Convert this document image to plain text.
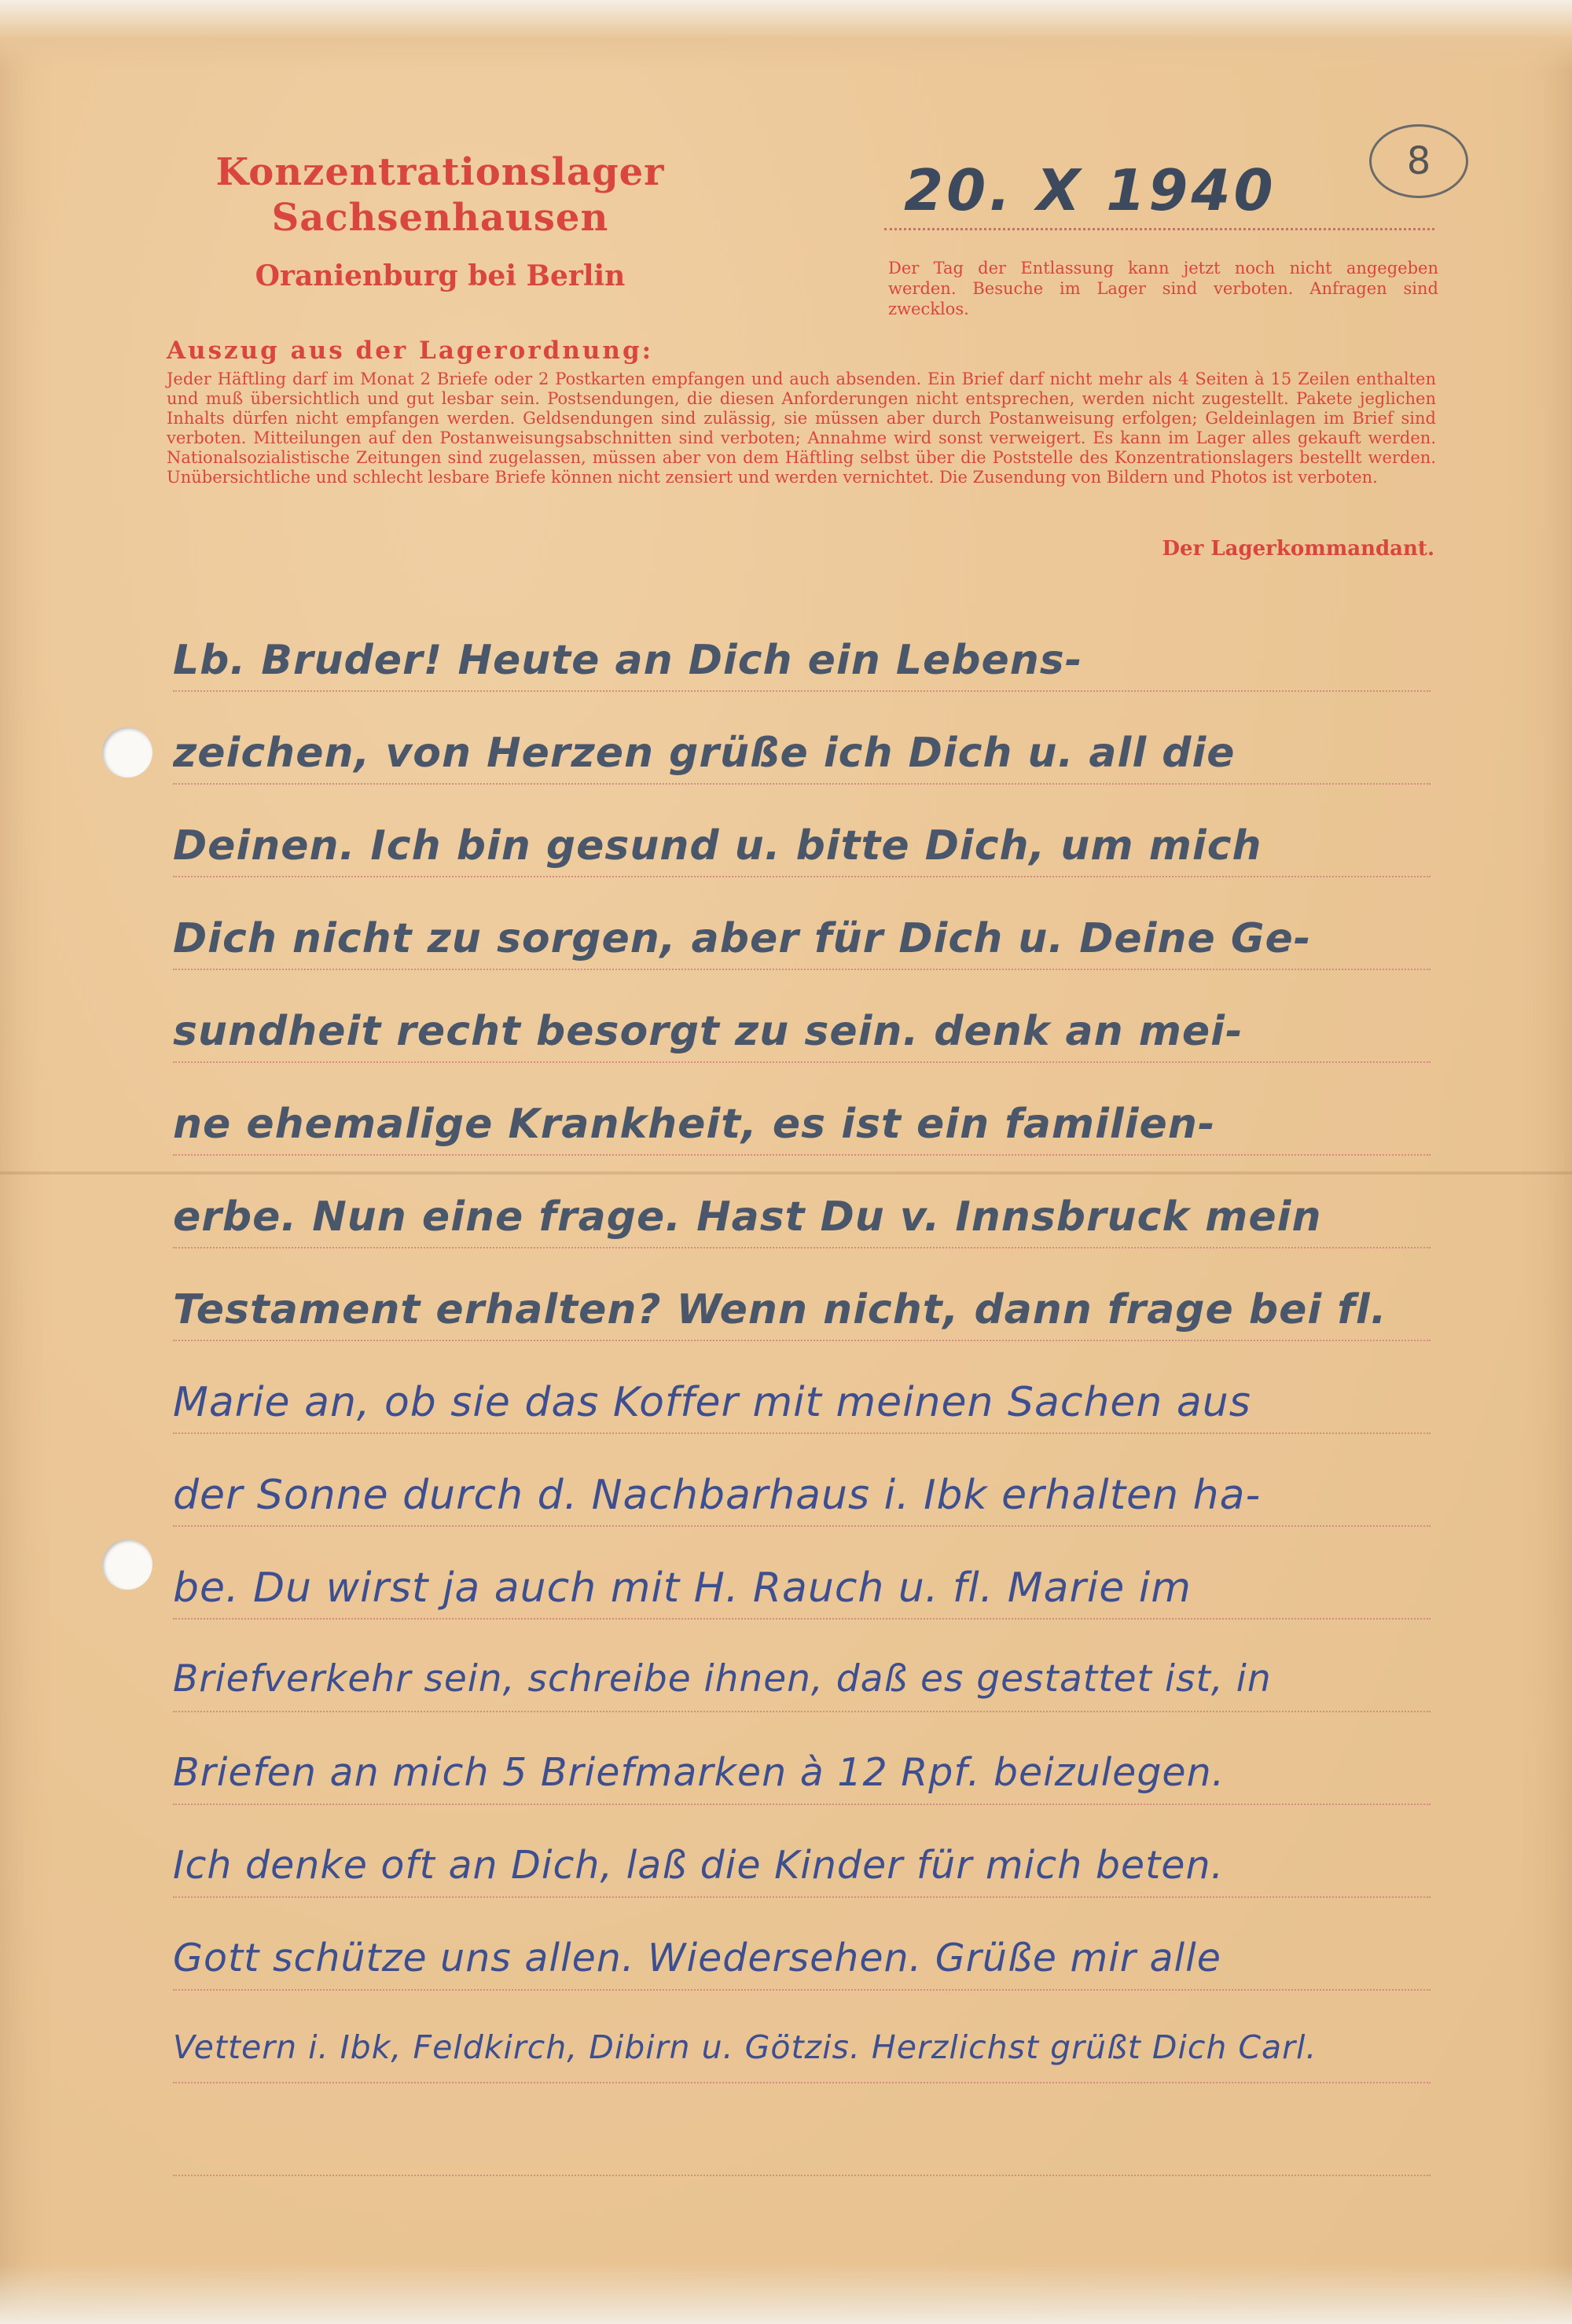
Konzentrationslager Sachsenhausen
Oranienburg bei Berlin
20. X 1940	8
Der Tag der Entlassung kann jetzt noch nicht angegeben werden. Besuche im Lager sind verboten. Anfragen sind zwecklos.
Auszug aus der Lagerordnung:
Jeder Häftling darf im Monat 2 Briefe oder 2 Postkarten empfangen und auch absenden. Ein Brief darf nicht mehr als 4 Seiten à 15 Zeilen enthalten und muß übersichtlich und gut lesbar sein. Postsendungen, die diesen Anforderungen nicht entsprechen, werden nicht zugestellt. Pakete jeglichen Inhalts dürfen nicht empfangen werden. Geldsendungen sind zulässig, sie müssen aber durch Postanweisung erfolgen; Geldeinlagen im Brief sind verboten. Mitteilungen auf den Postanweisungsabschnitten sind verboten; Annahme wird sonst verweigert. Es kann im Lager alles gekauft werden. Nationalsozialistische Zeitungen sind zugelassen, müssen aber von dem Häftling selbst über die Poststelle des Konzentrationslagers bestellt werden. Unübersichtliche und schlecht lesbare Briefe können nicht zensiert und werden vernichtet. Die Zusendung von Bildern und Photos ist verboten.
Der Lagerkommandant.
Lb. Bruder! Heute an Dich ein Lebens-
zeichen, von Herzen grüße ich Dich u. all die
Deinen. Ich bin gesund u. bitte Dich, um mich
Dich nicht zu sorgen, aber für Dich u. Deine Ge-
sundheit recht besorgt zu sein. denk an mei-
ne ehemalige Krankheit, es ist ein familien-
erbe. Nun eine frage. Hast Du v. Innsbruck mein
Testament erhalten? Wenn nicht, dann frage bei fl.
Marie an, ob sie das Koffer mit meinen Sachen aus
der Sonne durch d. Nachbarhaus i. Ibk erhalten ha-
be. Du wirst ja auch mit H. Rauch u. fl. Marie im
Briefverkehr sein, schreibe ihnen, daß es gestattet ist, in
Briefen an mich 5 Briefmarken à 12 Rpf. beizulegen.
Ich denke oft an Dich, laß die Kinder für mich beten.
Gott schütze uns allen. Wiedersehen. Grüße mir alle
Vettern i. Ibk, Feldkirch, Dibirn u. Götzis. Herzlichst grüßt Dich Carl.
